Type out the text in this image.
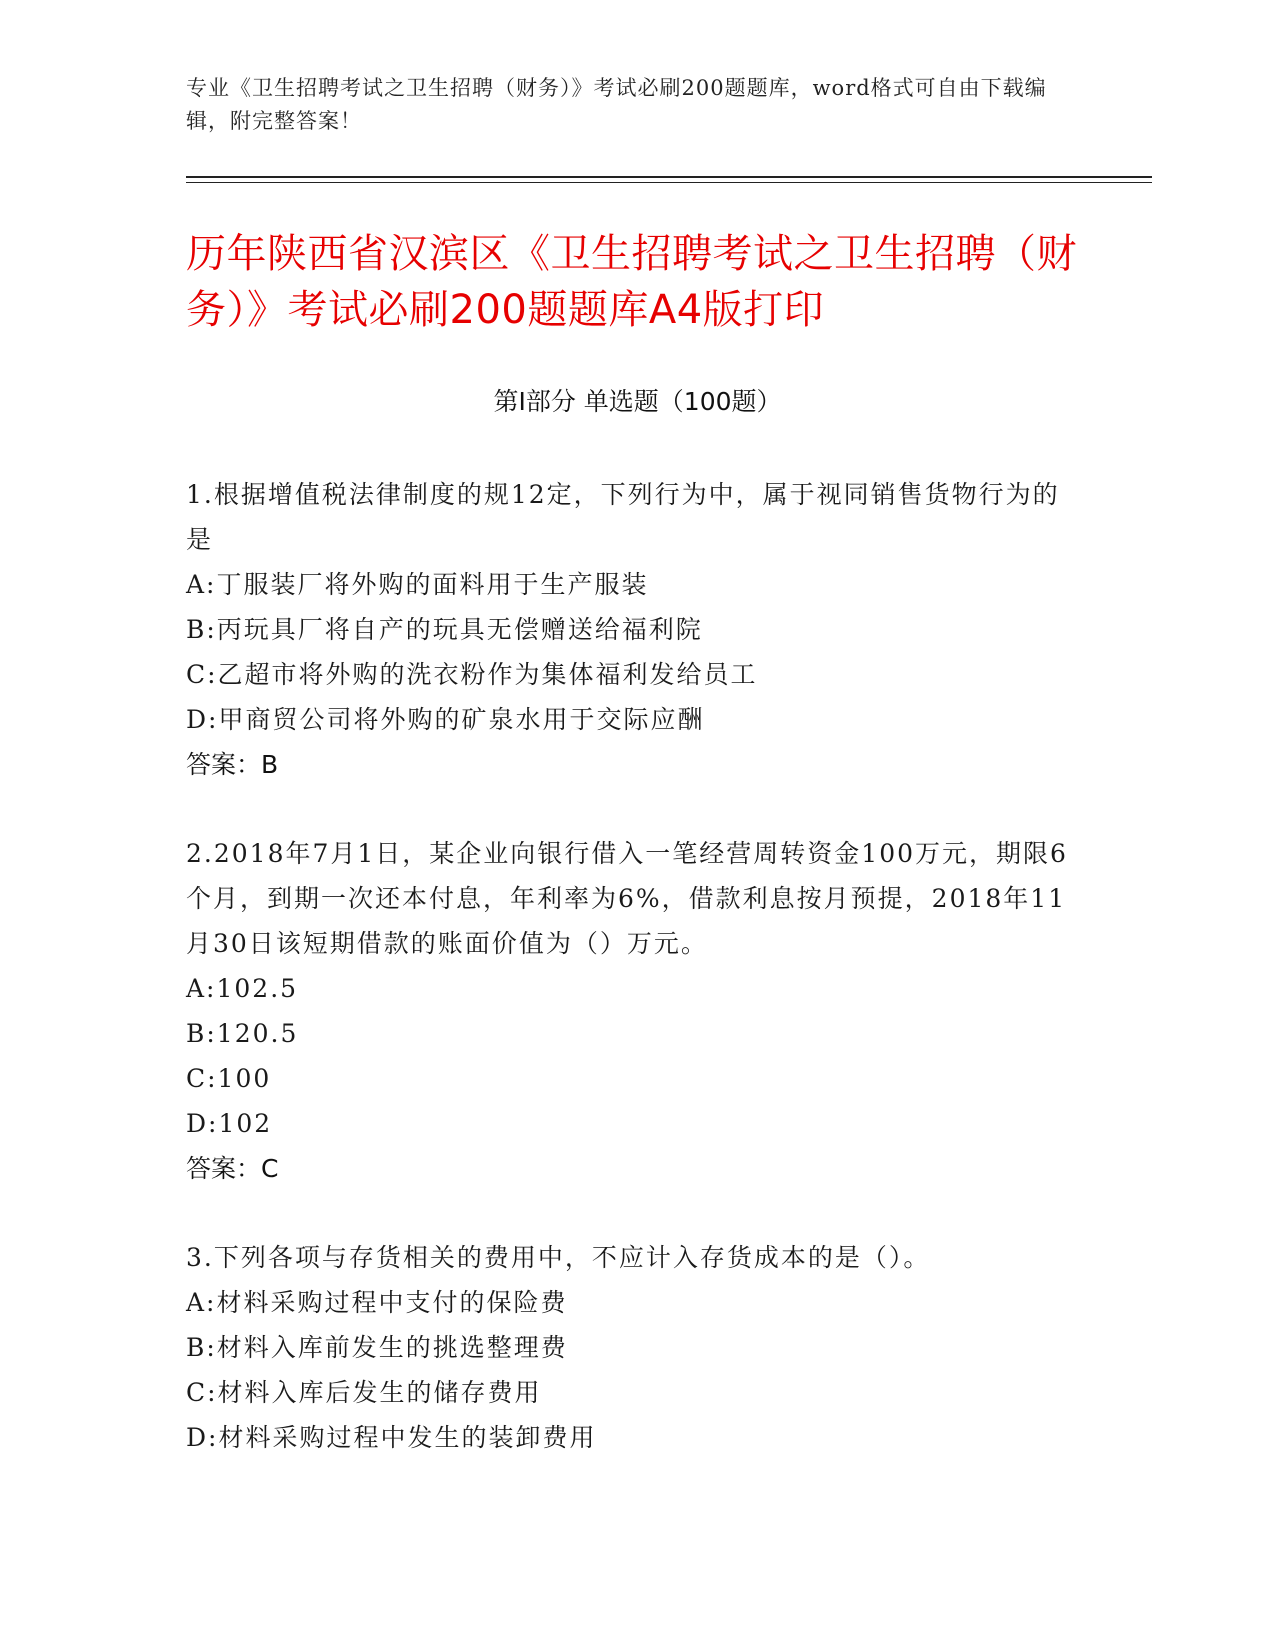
专业《卫生招聘考试之卫生招聘（财务）》考试必刷200题题库，word格式可自由下载编辑，附完整答案！
历年陕西省汉滨区《卫生招聘考试之卫生招聘（财务）》考试必刷200题题库A4版打印
第I部分 单选题（100题）
1.根据增值税法律制度的规12定，下列行为中，属于视同销售货物行为的是
A:丁服装厂将外购的面料用于生产服装
B:丙玩具厂将自产的玩具无偿赠送给福利院
C:乙超市将外购的洗衣粉作为集体福利发给员工
D:甲商贸公司将外购的矿泉水用于交际应酬
答案：B
2.2018年7月1日，某企业向银行借入一笔经营周转资金100万元，期限6个月，到期一次还本付息，年利率为6%，借款利息按月预提，2018年11月30日该短期借款的账面价值为（）万元。
A:102.5
B:120.5
C:100
D:102
答案：C
3.下列各项与存货相关的费用中，不应计入存货成本的是（）。
A:材料采购过程中支付的保险费
B:材料入库前发生的挑选整理费
C:材料入库后发生的储存费用
D:材料采购过程中发生的装卸费用
